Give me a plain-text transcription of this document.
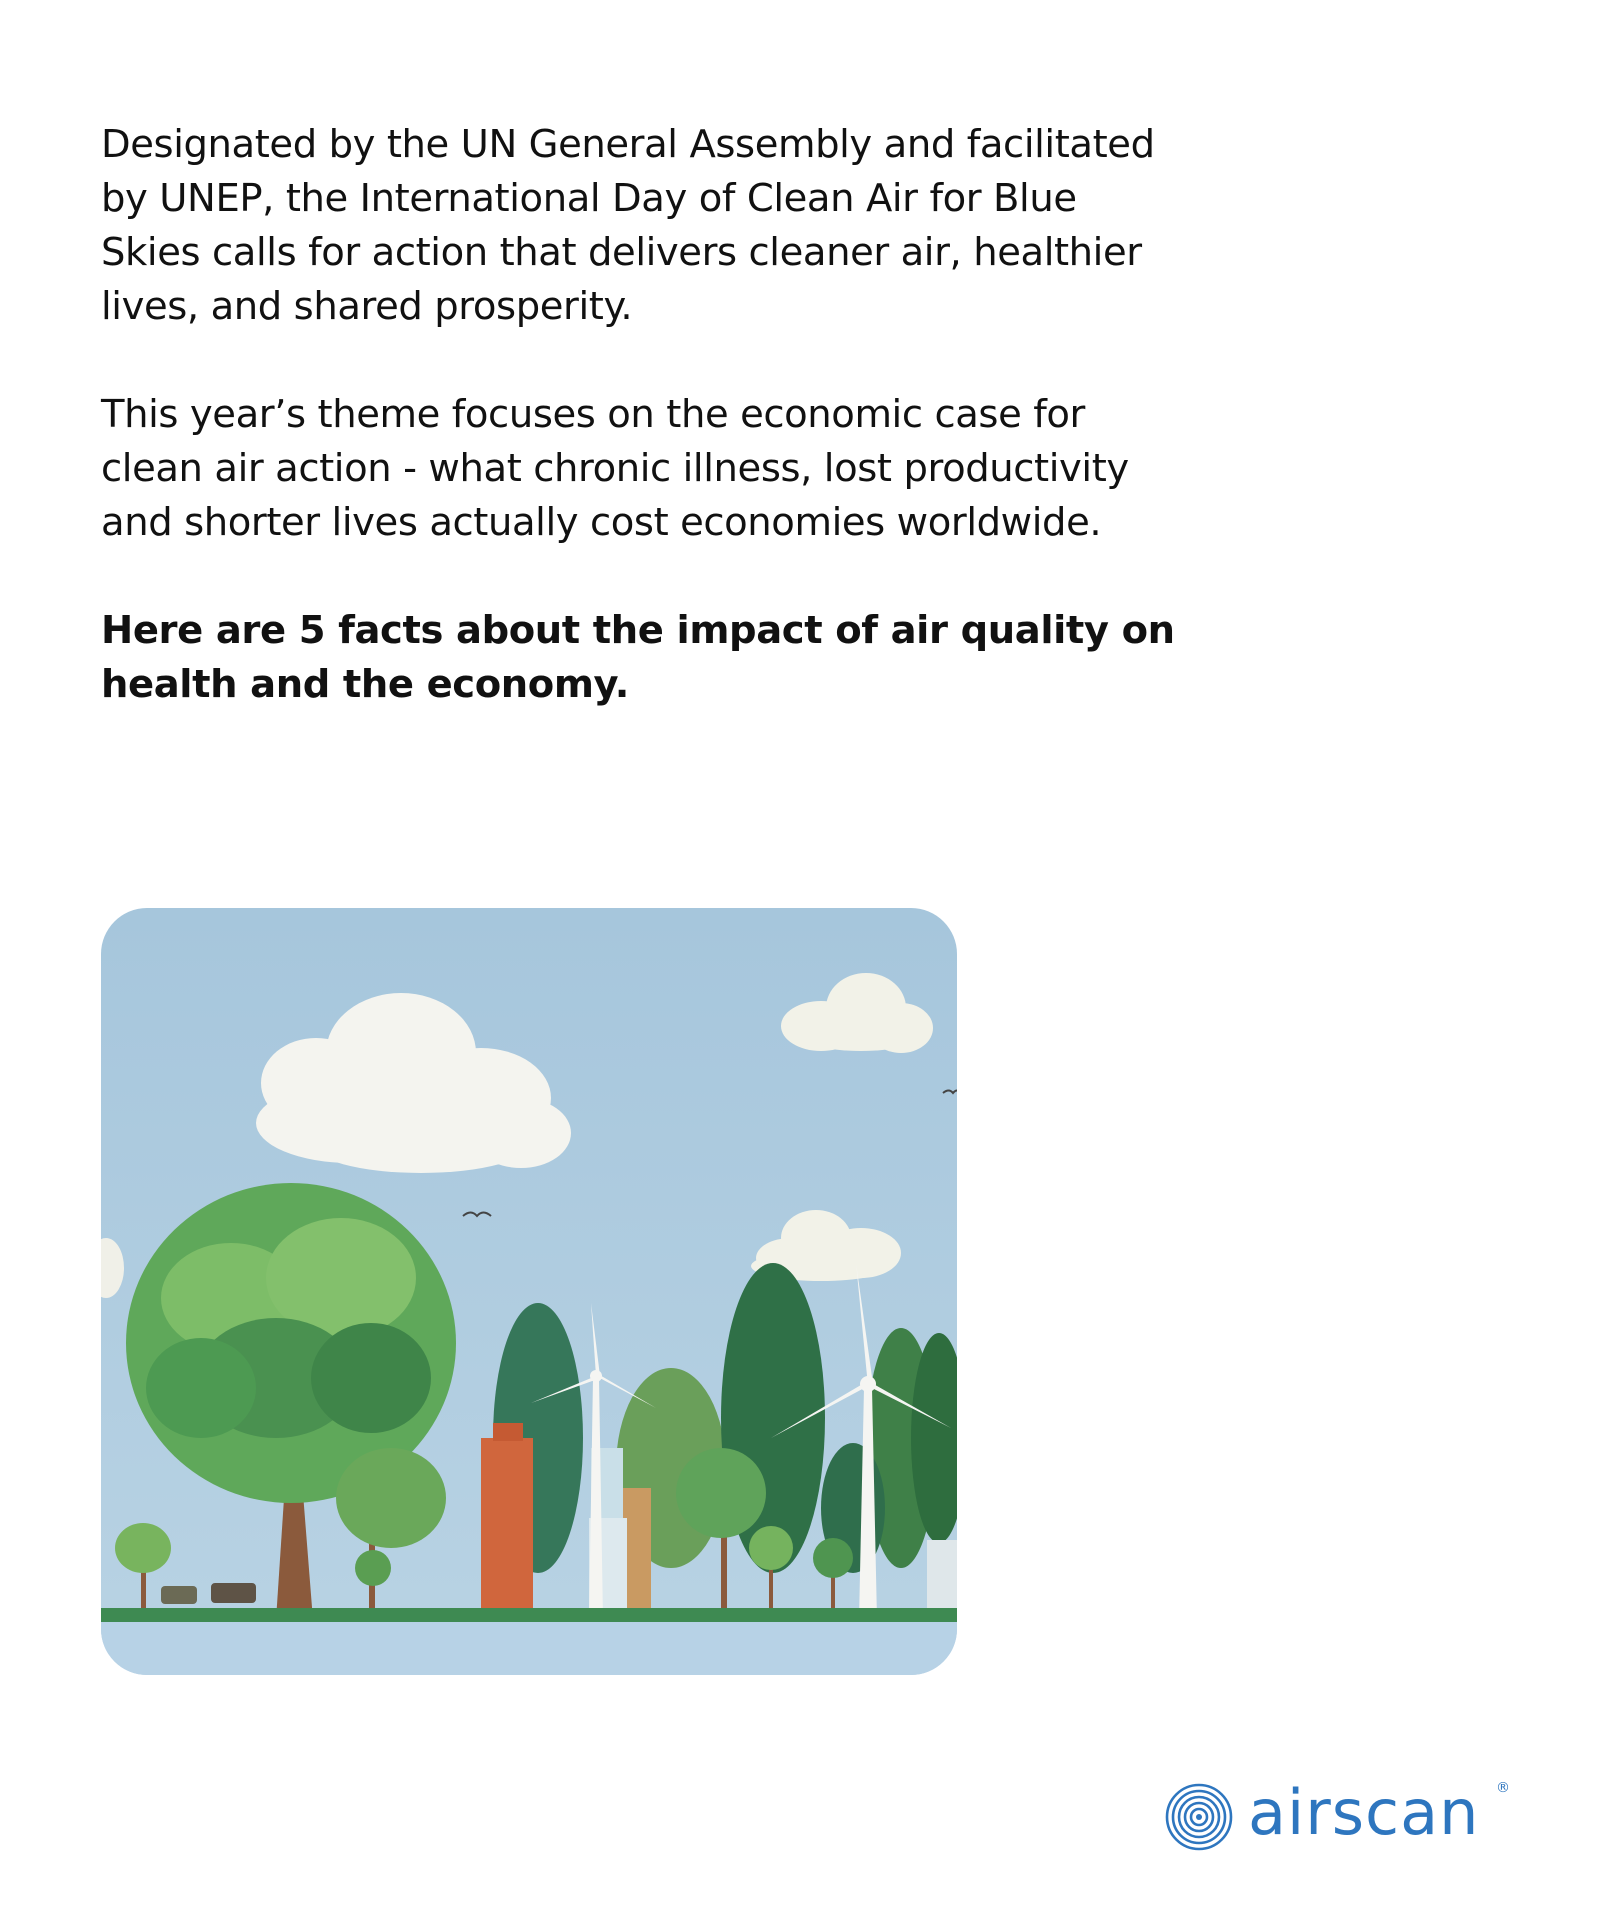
Designated by the UN General Assembly and facilitated by UNEP, the International Day of Clean Air for Blue Skies calls for action that delivers cleaner air, healthier lives, and shared prosperity.

This year’s theme focuses on the economic case for clean air action - what chronic illness, lost productivity and shorter lives actually cost economies worldwide.

Here are 5 facts about the impact of air quality on health and the economy.

airscan ®
